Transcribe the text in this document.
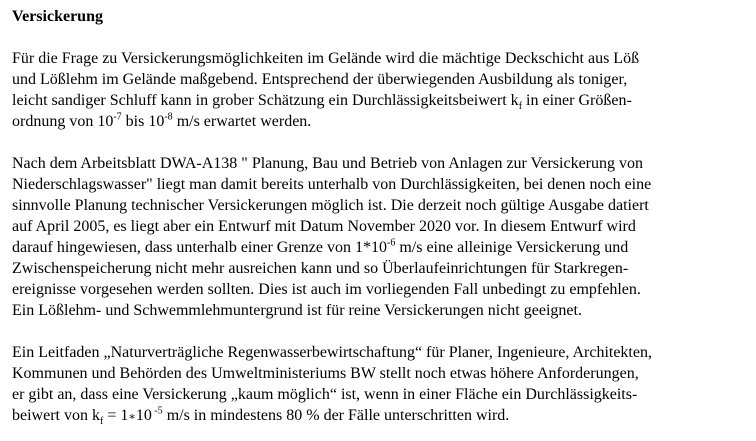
Versickerung

Für die Frage zu Versickerungsmöglichkeiten im Gelände wird die mächtige Deckschicht aus Löß
und Lößlehm im Gelände maßgebend. Entsprechend der überwiegenden Ausbildung als toniger,
leicht sandiger Schluff kann in grober Schätzung ein Durchlässigkeitsbeiwert $k_f$ in einer Größen-
ordnung von $10^{-7}$ bis $10^{-8}$ m/s erwartet werden.

Nach dem Arbeitsblatt DWA-A138 " Planung, Bau und Betrieb von Anlagen zur Versickerung von
Niederschlagswasser" liegt man damit bereits unterhalb von Durchlässigkeiten, bei denen noch eine
sinnvolle Planung technischer Versickerungen möglich ist. Die derzeit noch gültige Ausgabe datiert
auf April 2005, es liegt aber ein Entwurf mit Datum November 2020 vor. In diesem Entwurf wird
darauf hingewiesen, dass unterhalb einer Grenze von $1*10^{-6}$ m/s eine alleinige Versickerung und
Zwischenspeicherung nicht mehr ausreichen kann und so Überlaufeinrichtungen für Starkregen-
ereignisse vorgesehen werden sollten. Dies ist auch im vorliegenden Fall unbedingt zu empfehlen.
Ein Lößlehm- und Schwemmlehmuntergrund ist für reine Versickerungen nicht geeignet.

Ein Leitfaden „Naturverträgliche Regenwasserbewirtschaftung“ für Planer, Ingenieure, Architekten,
Kommunen und Behörden des Umweltministeriums BW stellt noch etwas höhere Anforderungen,
er gibt an, dass eine Versickerung „kaum möglich“ ist, wenn in einer Fläche ein Durchlässigkeits-
beiwert von $k_f$ = 1∗10 $^{-5}$ m/s in mindestens 80 % der Fälle unterschritten wird.
